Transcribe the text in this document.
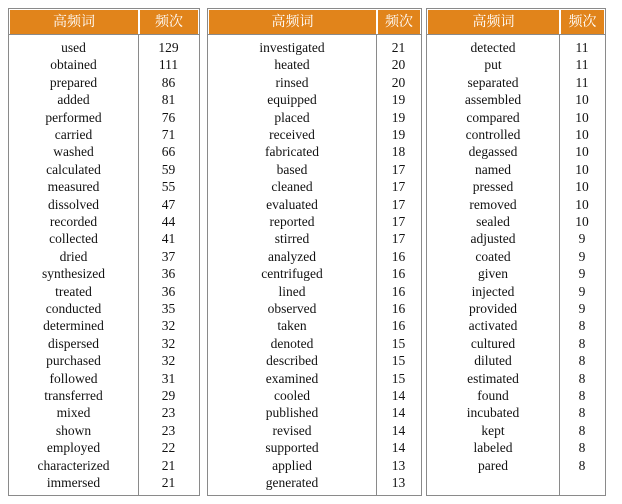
高频词	频次
used	129
obtained	111
prepared	86
added	81
performed	76
carried	71
washed	66
calculated	59
measured	55
dissolved	47
recorded	44
collected	41
dried	37
synthesized	36
treated	36
conducted	35
determined	32
dispersed	32
purchased	32
followed	31
transferred	29
mixed	23
shown	23
employed	22
characterized	21
immersed	21
高频词	频次
investigated	21
heated	20
rinsed	20
equipped	19
placed	19
received	19
fabricated	18
based	17
cleaned	17
evaluated	17
reported	17
stirred	17
analyzed	16
centrifuged	16
lined	16
observed	16
taken	16
denoted	15
described	15
examined	15
cooled	14
published	14
revised	14
supported	14
applied	13
generated	13
高频词	频次
detected	11
put	11
separated	11
assembled	10
compared	10
controlled	10
degassed	10
named	10
pressed	10
removed	10
sealed	10
adjusted	9
coated	9
given	9
injected	9
provided	9
activated	8
cultured	8
diluted	8
estimated	8
found	8
incubated	8
kept	8
labeled	8
pared	8
